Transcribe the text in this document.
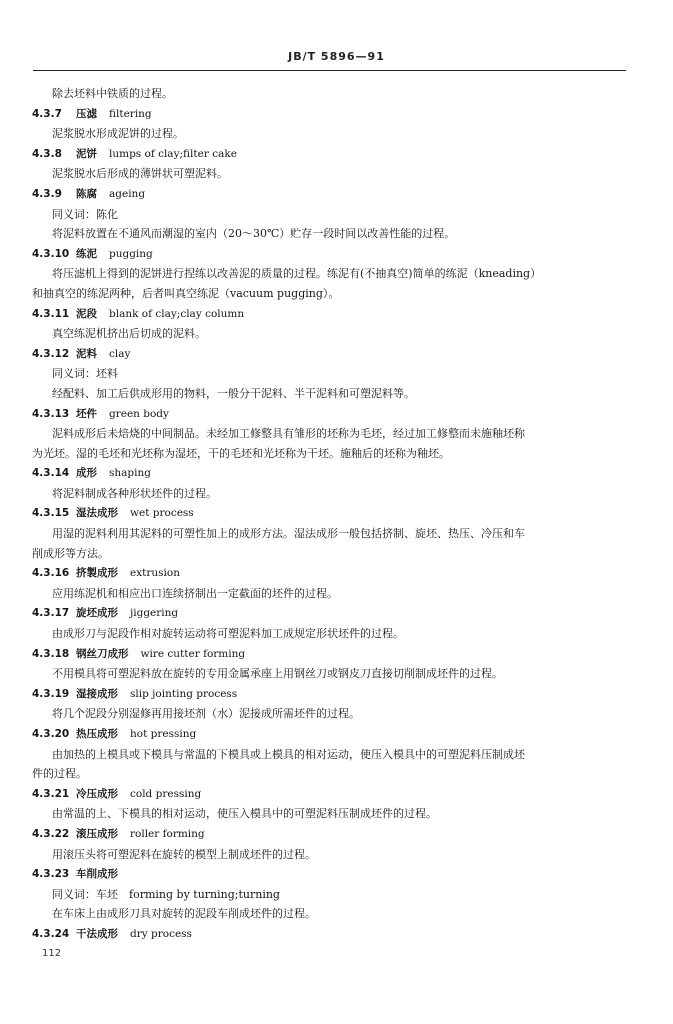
JB/T 5896—91
除去坯料中铁质的过程。
4.3.7 压滤 filtering
泥浆脱水形成泥饼的过程。
4.3.8 泥饼 lumps of clay;filter cake
泥浆脱水后形成的薄饼状可塑泥料。
4.3.9 陈腐 ageing
同义词：陈化
将泥料放置在不通风而潮湿的室内（20～30℃）贮存一段时间以改善性能的过程。
4.3.10 练泥 pugging
将压滤机上得到的泥饼进行捏练以改善泥的质量的过程。练泥有(不抽真空)简单的练泥（kneading）
和抽真空的练泥两种，后者叫真空练泥（vacuum pugging）。
4.3.11 泥段 blank of clay;clay column
真空练泥机挤出后切成的泥料。
4.3.12 泥料 clay
同义词：坯料
经配料、加工后供成形用的物料，一般分干泥料、半干泥料和可塑泥料等。
4.3.13 坯件 green body
泥料成形后未焙烧的中间制品。未经加工修整具有雏形的坯称为毛坯，经过加工修整而未施釉坯称
为光坯。湿的毛坯和光坯称为湿坯，干的毛坯和光坯称为干坯。施釉后的坯称为釉坯。
4.3.14 成形 shaping
将泥料制成各种形状坯件的过程。
4.3.15 湿法成形 wet process
用湿的泥料利用其泥料的可塑性加上的成形方法。湿法成形一般包括挤制、旋坯、热压、冷压和车
削成形等方法。
4.3.16 挤製成形 extrusion
应用练泥机和相应出口连续挤制出一定截面的坯件的过程。
4.3.17 旋坯成形 jiggering
由成形刀与泥段作相对旋转运动将可塑泥料加工成规定形状坯件的过程。
4.3.18 钢丝刀成形 wire cutter forming
不用模具将可塑泥料放在旋转的专用金属承座上用钢丝刀或钢皮刀直接切削制成坯件的过程。
4.3.19 湿接成形 slip jointing process
将几个泥段分别湿修再用接坯剂（水）泥接成所需坯件的过程。
4.3.20 热压成形 hot pressing
由加热的上模具或下模具与常温的下模具或上模具的相对运动，使压入模具中的可塑泥料压制成坯
件的过程。
4.3.21 冷压成形 cold pressing
由常温的上、下模具的相对运动，使压入模具中的可塑泥料压制成坯件的过程。
4.3.22 滚压成形 roller forming
用滚压头将可塑泥料在旋转的模型上制成坯件的过程。
4.3.23 车削成形
同义词：车坯　forming by turning;turning
在车床上由成形刀具对旋转的泥段车削成坯件的过程。
4.3.24 干法成形 dry process
112
